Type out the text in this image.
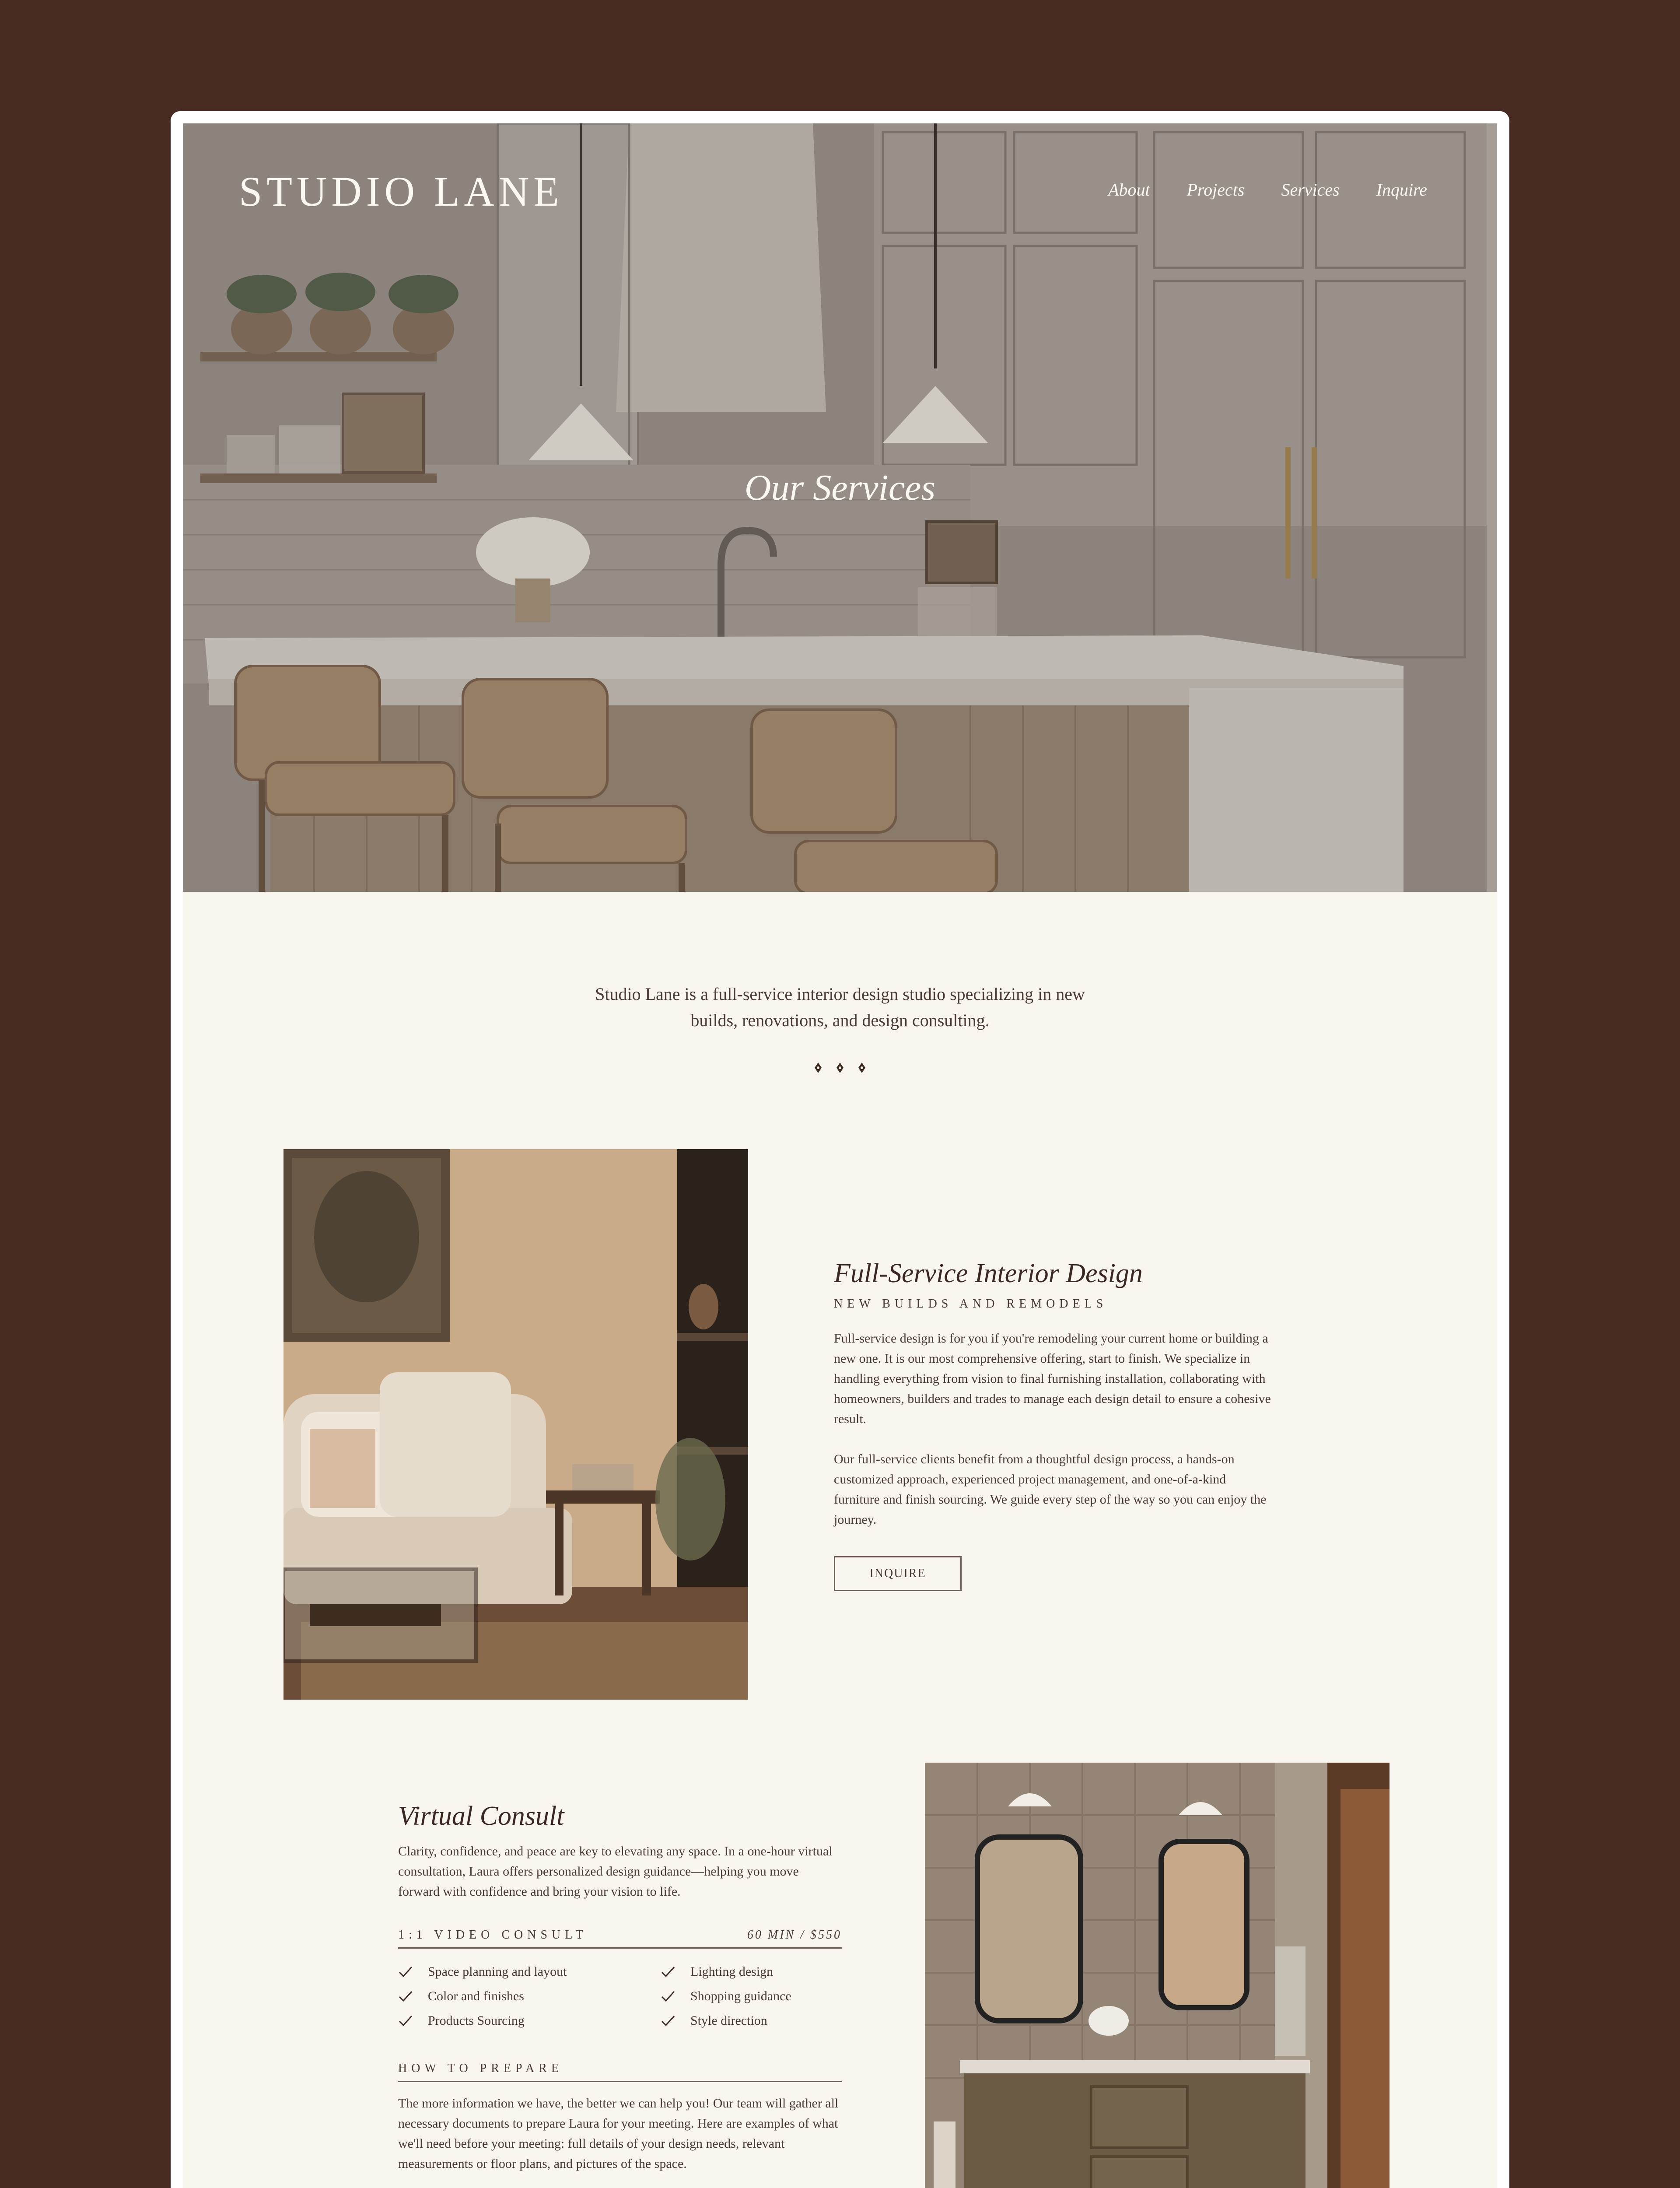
STUDIO LANE	About Projects Services Inquire
Our Services

Studio Lane is a full-service interior design studio specializing in new builds, renovations, and design consulting.

Full-Service Interior Design

NEW BUILDS AND REMODELS

Full-service design is for you if you're remodeling your current home or building a new one. It is our most comprehensive offering, start to finish. We specialize in handling everything from vision to final furnishing installation, collaborating with homeowners, builders and trades to manage each design detail to ensure a cohesive result.

Our full-service clients benefit from a thoughtful design process, a hands-on customized approach, experienced project management, and one-of-a-kind furniture and finish sourcing. We guide every step of the way so you can enjoy the journey.

INQUIRE
Virtual Consult

Clarity, confidence, and peace are key to elevating any space. In a one-hour virtual consultation, Laura offers personalized design guidance—helping you move forward with confidence and bring your vision to life.

1:1 VIDEO CONSULT	60 MIN / $550
Space planning and layout	Lighting design
Color and finishes	Shopping guidance
Products Sourcing	Style direction
HOW TO PREPARE

The more information we have, the better we can help you! Our team will gather all necessary documents to prepare Laura for your meeting. Here are examples of what we'll need before your meeting: full details of your design needs, relevant measurements or floor plans, and pictures of the space.
